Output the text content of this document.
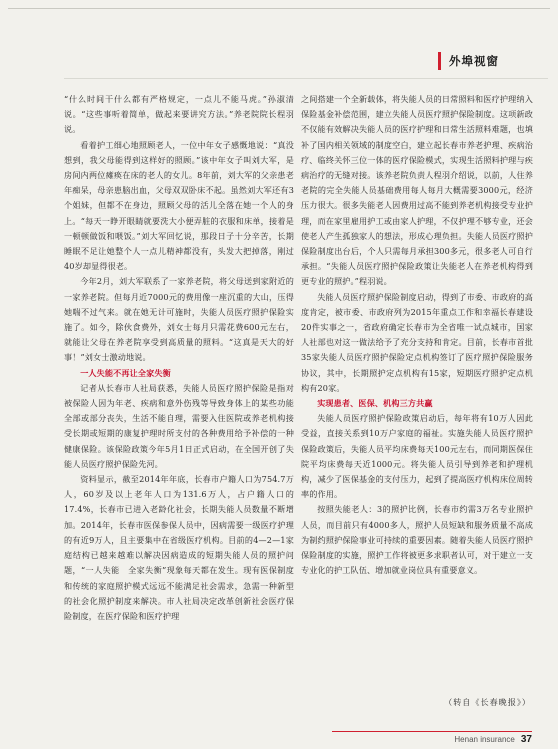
外埠视窗

“什么时间干什么都有严格规定，一点儿不能马虎。”孙淑清说。“这些事听着简单，做起来要讲究方法。”养老院院长程羽说。

看着护工细心地照顾老人，一位中年女子感慨地说：“真没想到，我父母能得到这样好的照顾。”该中年女子叫刘大军，是房间内两位瘫痪在床的老人的女儿。8年前，刘大军的父亲患老年痴呆，母亲患脑出血，父母双双卧床不起。虽然刘大军还有3个姐妹，但都不在身边，照顾父母的活儿全落在她一个人的身上。“每天一睁开眼睛就要洗大小便弄脏的衣服和床单，接着是一顿顿做饭和喂饭。”刘大军回忆说，那段日子十分辛苦，长期睡眠不足让她整个人一点儿精神都没有，头发大把掉落，刚过40岁却显得很老。

今年2月，刘大军联系了一家养老院，将父母送到家附近的一家养老院。但每月近7000元的费用像一座沉重的大山，压得她喘不过气来。就在她无计可施时，失能人员医疗照护保险实施了。如今，除伙食费外，刘女士每月只需花费600元左右，就能让父母在养老院享受到高质量的照料。“这真是天大的好事！”刘女士激动地说。

一人失能不再让全家失衡

记者从长春市人社局获悉，失能人员医疗照护保险是指对被保险人因为年老、疾病和意外伤残等导致身体上的某些功能全部或部分丧失，生活不能自理，需要入住医院或养老机构接受长期或短期的康复护理时所支付的各种费用给予补偿的一种健康保险。该保险政策今年5月1日正式启动，在全国开创了失能人员医疗照护保险先河。

资料显示，截至2014年年底，长春市户籍人口为754.7万人，60岁及以上老年人口为131.6万人，占户籍人口的17.4%，长春市已进入老龄化社会，长期失能人员数量不断增加。2014年，长春市医保参保人员中，因病需要一级医疗护理的有近9万人，且主要集中在省级医疗机构。目前的4—2—1家庭结构已越来越难以解决因病造成的短期失能人员的照护问题，“一人失能　全家失衡”现象每天都在发生。现有医保制度和传统的家庭照护模式远远不能满足社会需求，急需一种新型的社会化照护制度来解决。市人社局决定改革创新社会医疗保险制度，在医疗保险和医疗护理

之间搭建一个全新载体，将失能人员的日常照料和医疗护理纳入保险基金补偿范围，建立失能人员医疗照护保险制度。这项新政不仅能有效解决失能人员的医疗护理和日常生活照料难题，也填补了国内相关领域的制度空白，建立起长春市养老护理、疾病治疗、临终关怀三位一体的医疗保险模式，实现生活照料护理与疾病治疗的无缝对接。该养老院负责人程羽介绍说，以前，人住养老院的完全失能人员基础费用每人每月大概需要3000元，经济压力很大。很多失能老人因费用过高不能到养老机构接受专业护理，而在家里雇用护工或由家人护理，不仅护理不够专业，还会使老人产生孤独家人的想法，形成心理负担。失能人员医疗照护保险制度出台后，个人只需每月承担300多元，很多老人可自行承担。“失能人员医疗照护保险政策让失能老人在养老机构得到更专业的照护。”程羽说。

失能人员医疗照护保险制度启动，得到了市委、市政府的高度肯定，被市委、市政府列为2015年重点工作和幸福长春建设20件实事之一，省政府确定长春市为全省唯一试点城市，国家人社部也对这一做法给予了充分支持和肯定。目前，长春市首批35家失能人员医疗照护保险定点机构签订了医疗照护保险服务协议，其中，长期照护定点机构有15家，短期医疗照护定点机构有20家。

实现患者、医保、机构三方共赢

失能人员医疗照护保险政策启动后，每年将有10万人因此受益，直接关系到10万户家庭的福祉。实施失能人员医疗照护保险政策后，失能人员平均床费每天100元左右，而同期医保住院平均床费每天近1000元。将失能人员引导到养老和护理机构，减少了医保基金的支付压力，起到了提高医疗机构床位周转率的作用。

按照失能老人：3的照护比例，长春市约需3万名专业照护人员，而目前只有4000多人，照护人员短缺和服务质量不高成为制约照护保险事业可持续的重要因素。随着失能人员医疗照护保险制度的实施，照护工作将被更多求职者认可，对于建立一支专业化的护工队伍、增加就业岗位具有重要意义。

（转自《长春晚报》）
Henan insurance 37
